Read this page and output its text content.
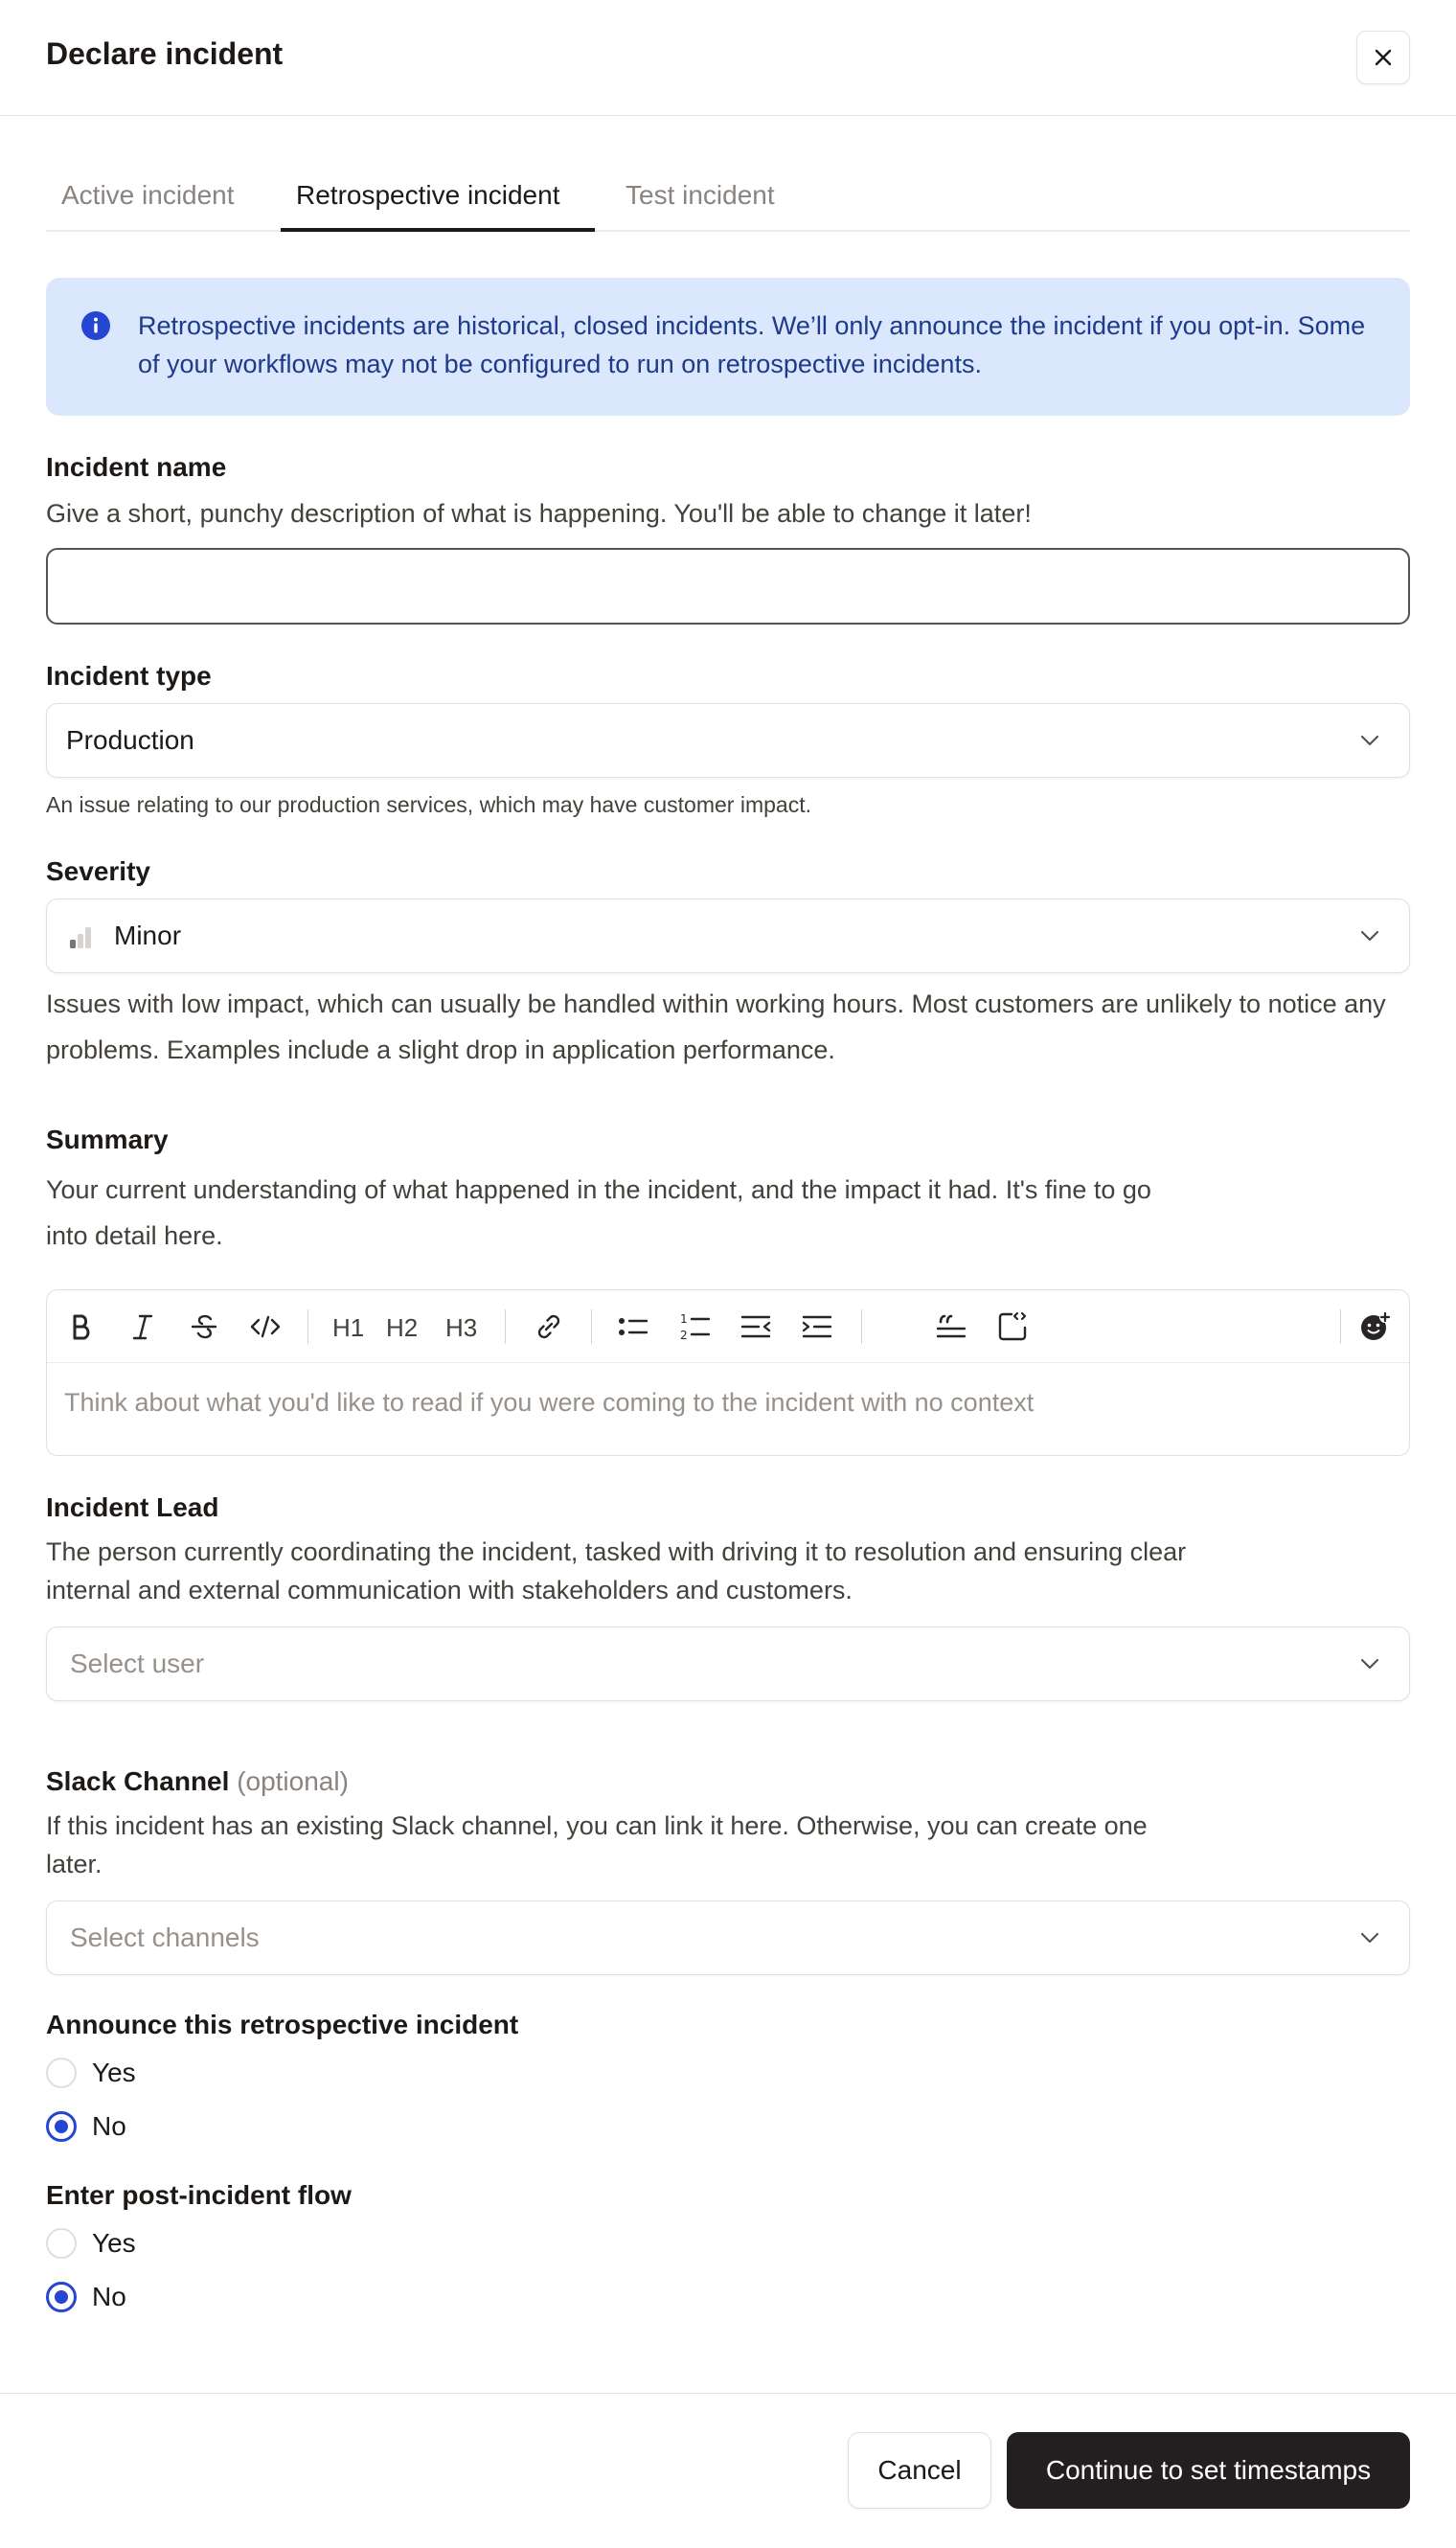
Declare incident
Active incident Retrospective incident Test incident
Retrospective incidents are historical, closed incidents. We’ll only announce the incident if you opt-in. Some of your workflows may not be configured to run on retrospective incidents.
Incident name
Give a short, punchy description of what is happening. You'll be able to change it later!
Incident type
Production
An issue relating to our production services, which may have customer impact.
Severity
Minor
Issues with low impact, which can usually be handled within working hours. Most customers are unlikely to notice any problems. Examples include a slight drop in application performance.
Summary
Your current understanding of what happened in the incident, and the impact it had. It's fine to go into detail here.
H1 H2 H3	1
2
Think about what you'd like to read if you were coming to the incident with no context
Incident Lead
The person currently coordinating the incident, tasked with driving it to resolution and ensuring clear internal and external communication with stakeholders and customers.
Select user
Slack Channel (optional)
If this incident has an existing Slack channel, you can link it here. Otherwise, you can create one later.
Select channels
Announce this retrospective incident
Yes
No
Enter post-incident flow
Yes
No
Cancel	Continue to set timestamps
